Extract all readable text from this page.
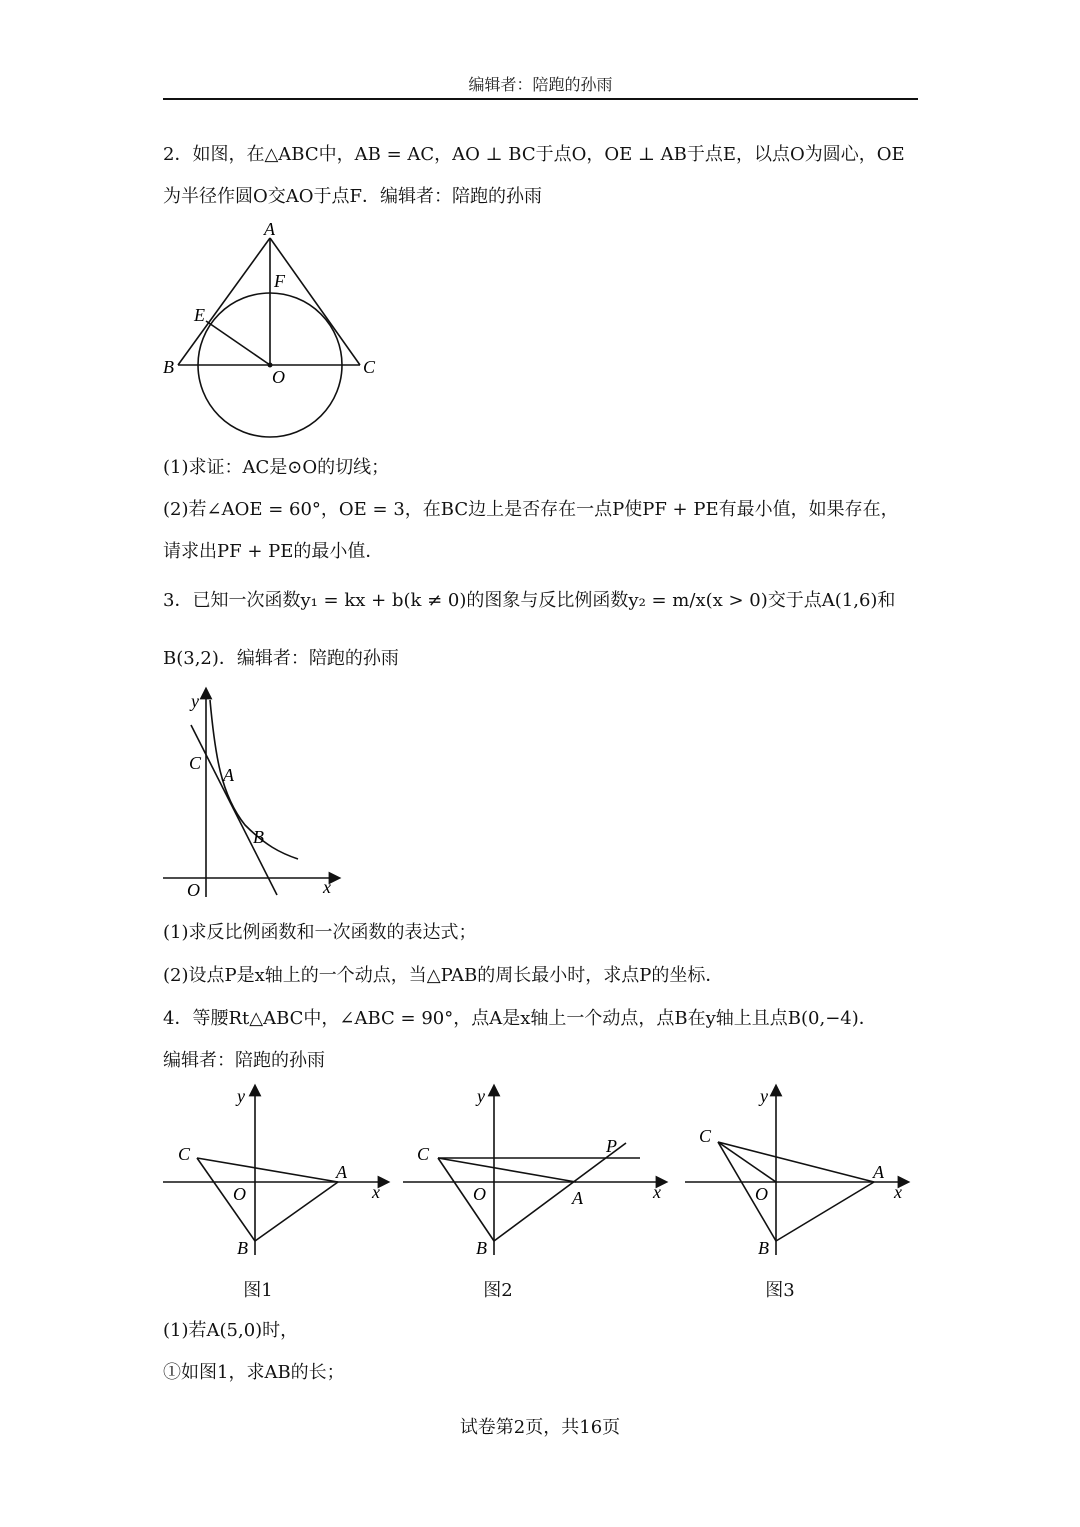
编辑者：陪跑的孙雨
2．如图，在△ABC中，AB = AC，AO ⊥ BC于点O，OE ⊥ AB于点E，以点O为圆心，OE
为半径作圆O交AO于点F．编辑者：陪跑的孙雨
A
F
E
B	O	C
(1)求证：AC是⊙O的切线；
(2)若∠AOE = 60°，OE = 3，在BC边上是否存在一点P使PF + PE有最小值，如果存在，
请求出PF + PE的最小值．
3．已知一次函数y₁ = kx + b(k ≠ 0)的图象与反比例函数y₂ = m/x(x > 0)交于点A(1,6)和
B(3,2)．编辑者：陪跑的孙雨
y
C
A
B
O	x
(1)求反比例函数和一次函数的表达式；
(2)设点P是x轴上的一个动点，当△PAB的周长最小时，求点P的坐标．
4．等腰Rt△ABC中，∠ABC = 90°，点A是x轴上一个动点，点B在y轴上且点B(0,−4)．
编辑者：陪跑的孙雨
y
C
A
O	x
B
图1
y
C	P
O	A	x
B
图2
y
C
A
O	x
B
图3
(1)若A(5,0)时，
①如图1，求AB的长；
试卷第2页，共16页
